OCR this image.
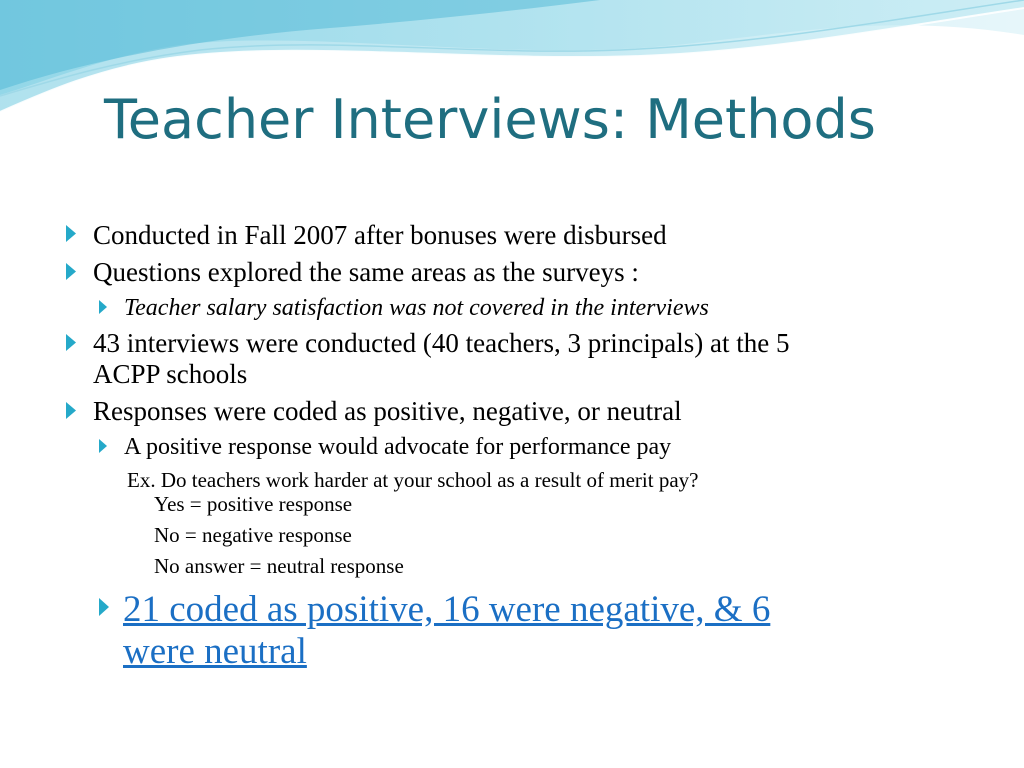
Teacher Interviews: Methods
Conducted in Fall 2007 after bonuses were disbursed
Questions explored the same areas as the surveys :
Teacher salary satisfaction was not covered in the interviews
43 interviews were conducted (40 teachers, 3 principals) at the 5
ACPP schools
Responses were coded as positive, negative, or neutral
A positive response would advocate for performance pay
Ex. Do teachers work harder at your school as a result of merit pay?
Yes = positive response
No = negative response
No answer = neutral response
21 coded as positive, 16 were negative, & 6
were neutral
